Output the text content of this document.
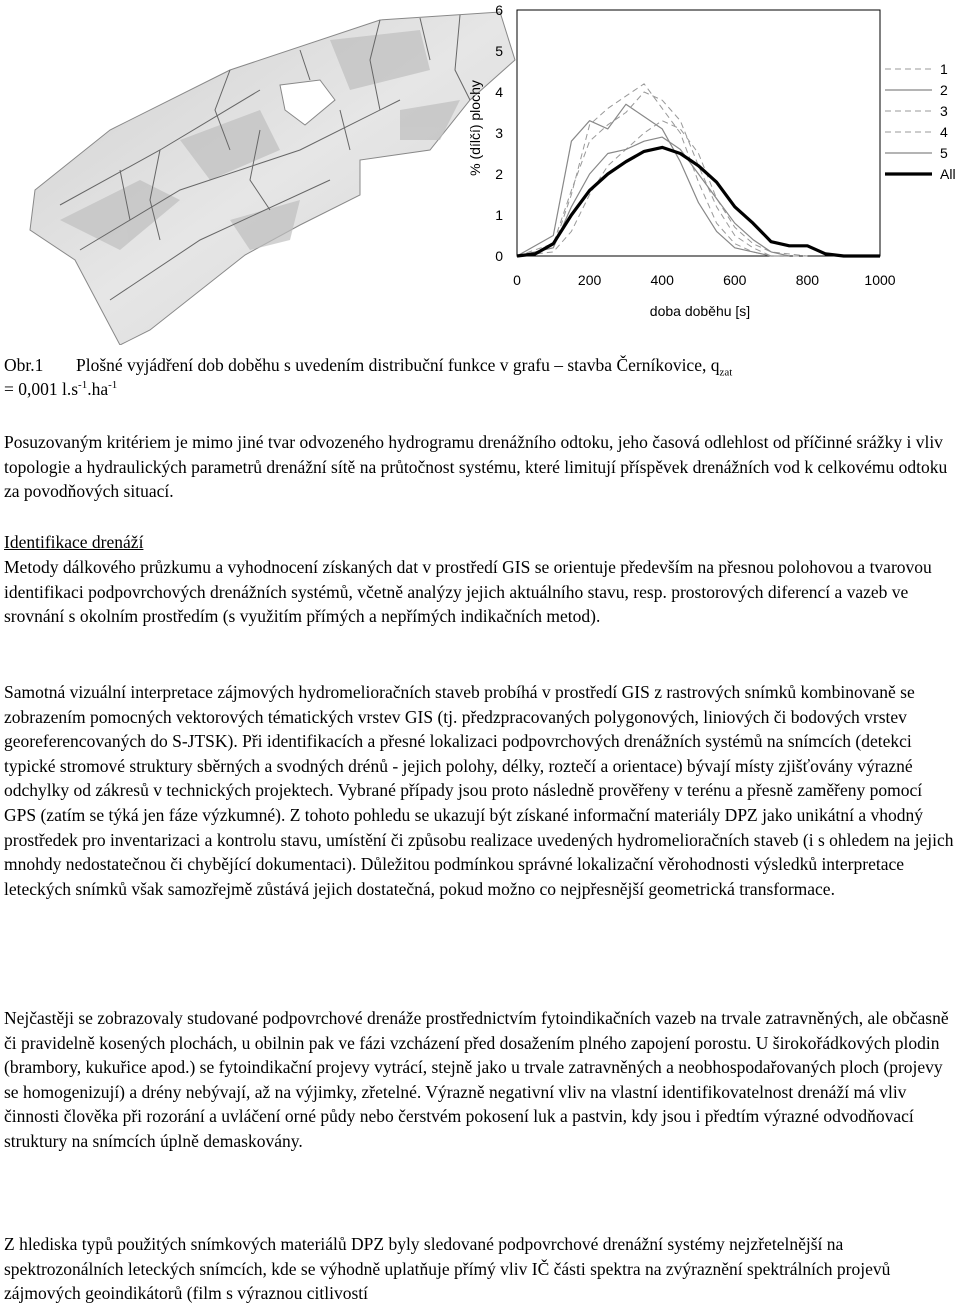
0
1
2
3
4
5
6
0	200	400	600	800	1000
1
2
3
4
5
All
doba doběhu [s]
% (dílčí) plochy
Obr.1 Plošné vyjádření dob doběhu s uvedením distribuční funkce v grafu – stavba Černíkovice, $q_{zat}$
= 0,001 $l.s^{-1}.ha^{-1}$

Posuzovaným kritériem je mimo jiné tvar odvozeného hydrogramu drenážního odtoku, jeho časová odlehlost od příčinné srážky i vliv topologie a hydraulických parametrů drenážní sítě na průtočnost systému, které limitují příspěvek drenážních vod k celkovému odtoku za povodňových situací.

Identifikace drenáží

Metody dálkového průzkumu a vyhodnocení získaných dat v prostředí GIS se orientuje především na přesnou polohovou a tvarovou identifikaci podpovrchových drenážních systémů, včetně analýzy jejich aktuálního stavu, resp. prostorových diferencí a vazeb ve srovnání s okolním prostředím (s využitím přímých a nepřímých indikačních metod).

Samotná vizuální interpretace zájmových hydromelioračních staveb probíhá v prostředí GIS z rastrových snímků kombinovaně se zobrazením pomocných vektorových tématických vrstev GIS (tj. předzpracovaných polygonových, liniových či bodových vrstev georeferencovaných do S-JTSK). Při identifikacích a přesné lokalizaci podpovrchových drenážních systémů na snímcích (detekci typické stromové struktury sběrných a svodných drénů - jejich polohy, délky, roztečí a orientace) bývají místy zjišťovány výrazné odchylky od zákresů v technických projektech. Vybrané případy jsou proto následně prověřeny v terénu a přesně zaměřeny pomocí GPS (zatím se týká jen fáze výzkumné). Z tohoto pohledu se ukazují být získané informační materiály DPZ jako unikátní a vhodný prostředek pro inventarizaci a kontrolu stavu, umístění či způsobu realizace uvedených hydromelioračních staveb (i s ohledem na jejich mnohdy nedostatečnou či chybějící dokumentaci). Důležitou podmínkou správné lokalizační věrohodnosti výsledků interpretace leteckých snímků však samozřejmě zůstává jejich dostatečná, pokud možno co nejpřesnější geometrická transformace.

Nejčastěji se zobrazovaly studované podpovrchové drenáže prostřednictvím fytoindikačních vazeb na trvale zatravněných, ale občasně či pravidelně kosených plochách, u obilnin pak ve fázi vzcházení před dosažením plného zapojení porostu. U širokořádkových plodin (brambory, kukuřice apod.) se fytoindikační projevy vytrácí, stejně jako u trvale zatravněných a neobhospodařovaných ploch (projevy se homogenizují) a drény nebývají, až na výjimky, zřetelné. Výrazně negativní vliv na vlastní identifikovatelnost drenáží má vliv činnosti člověka při rozorání a uvláčení orné půdy nebo čerstvém pokosení luk a pastvin, kdy jsou i předtím výrazné odvodňovací struktury na snímcích úplně demaskovány.

Z hlediska typů použitých snímkových materiálů DPZ byly sledované podpovrchové drenážní systémy nejzřetelnější na spektrozonálních leteckých snímcích, kde se výhodně uplatňuje přímý vliv IČ části spektra na zvýraznění spektrálních projevů zájmových geoindikátorů (film s výraznou citlivostí
